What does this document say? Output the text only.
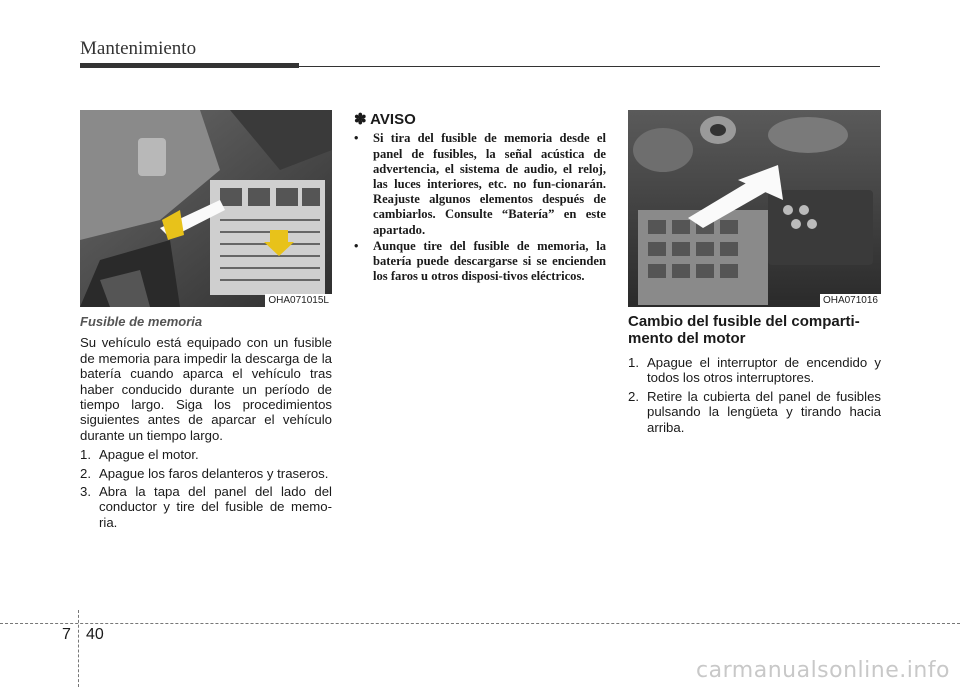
Mantenimiento
OHA071015L
Fusible de memoria

Su vehículo está equipado con un fusible de memoria para impedir la descarga de la batería cuando aparca el vehículo tras haber conducido durante un período de tiempo largo. Siga los procedimientos siguientes antes de aparcar el vehículo durante un tiempo largo.

1. Apague el motor.
2. Apague los faros delanteros y traseros.
3. Abra la tapa del panel del lado del conductor y tire del fusible de memo-ria.
✽ AVISO
• Si tira del fusible de memoria desde el panel de fusibles, la señal acústica de advertencia, el sistema de audio, el reloj, las luces interiores, etc. no fun-cionarán. Reajuste algunos elementos después de cambiarlos. Consulte “Batería” en este apartado.
• Aunque tire del fusible de memoria, la batería puede descargarse si se encienden los faros u otros disposi-tivos eléctricos.
OHA071016
Cambio del fusible del comparti-mento del motor
1. Apague el interruptor de encendido y todos los otros interruptores.
2. Retire la cubierta del panel de fusibles pulsando la lengüeta y tirando hacia arriba.
7 40
carmanualsonline.info
